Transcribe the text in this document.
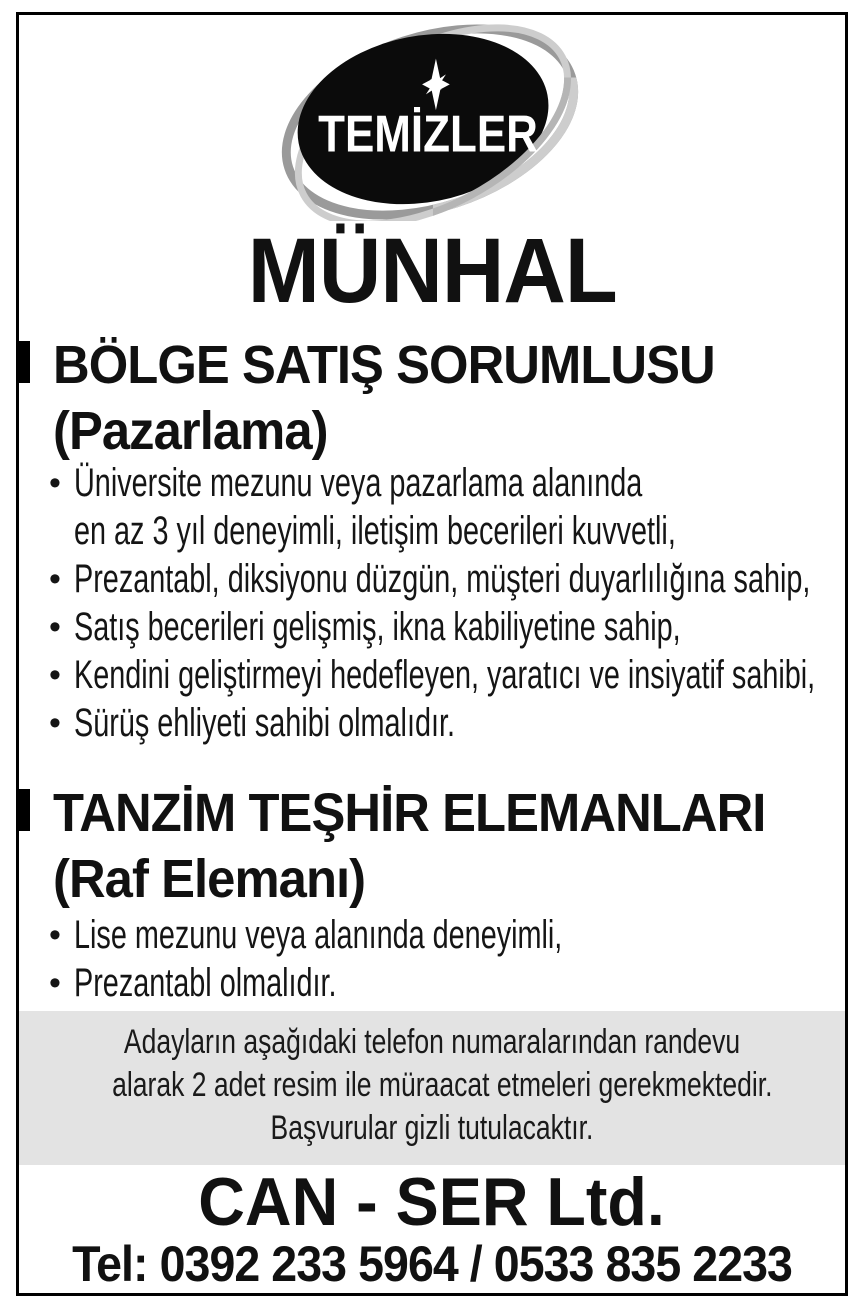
TEMİZLER
MÜNHAL
BÖLGE SATIŞ SORUMLUSU
(Pazarlama)
• Üniversite mezunu veya pazarlama alanında
en az 3 yıl deneyimli, iletişim becerileri kuvvetli,
• Prezantabl, diksiyonu düzgün, müşteri duyarlılığına sahip,
• Satış becerileri gelişmiş, ikna kabiliyetine sahip,
• Kendini geliştirmeyi hedefleyen, yaratıcı ve insiyatif sahibi,
• Sürüş ehliyeti sahibi olmalıdır.
TANZİM TEŞHİR ELEMANLARI
(Raf Elemanı)
• Lise mezunu veya alanında deneyimli,
• Prezantabl olmalıdır.
Adayların aşağıdaki telefon numaralarından randevu
alarak 2 adet resim ile müraacat etmeleri gerekmektedir.
Başvurular gizli tutulacaktır.
CAN - SER Ltd.
Tel: 0392 233 5964 / 0533 835 2233
